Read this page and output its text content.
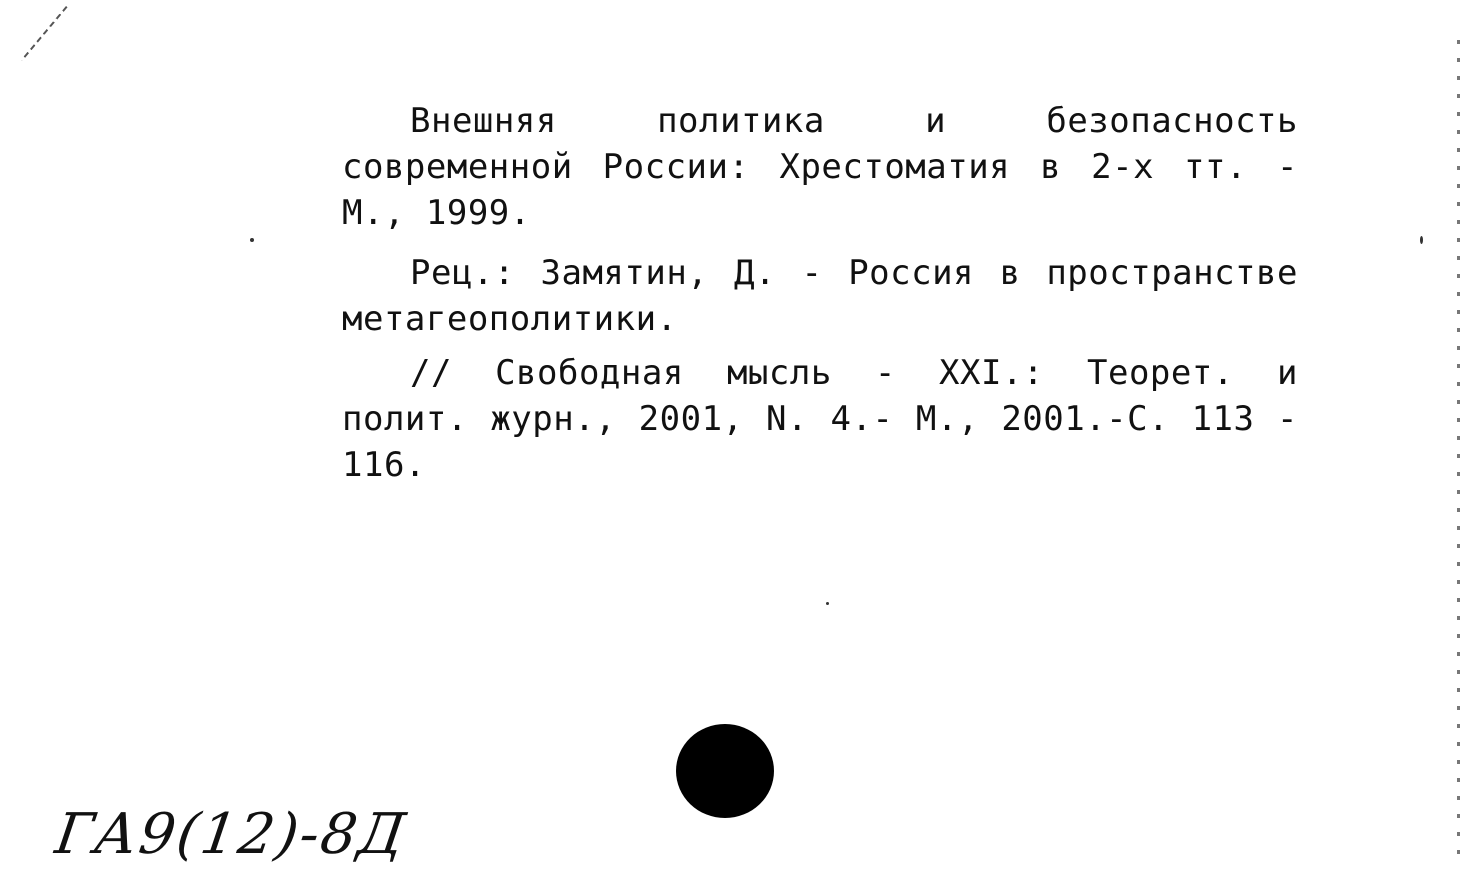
Внешняя	политика	и	безопасность
современной России: Хрестоматия в 2-х тт. -
М., 1999.
Рец.: Замятин, Д. - Россия в пространстве
метагеополитики.
// Свободная мысль - XXI.: Теорет. и
полит. журн., 2001, N. 4.- М., 2001.-С. 113 -
116.
ГА9(12)-8Д
